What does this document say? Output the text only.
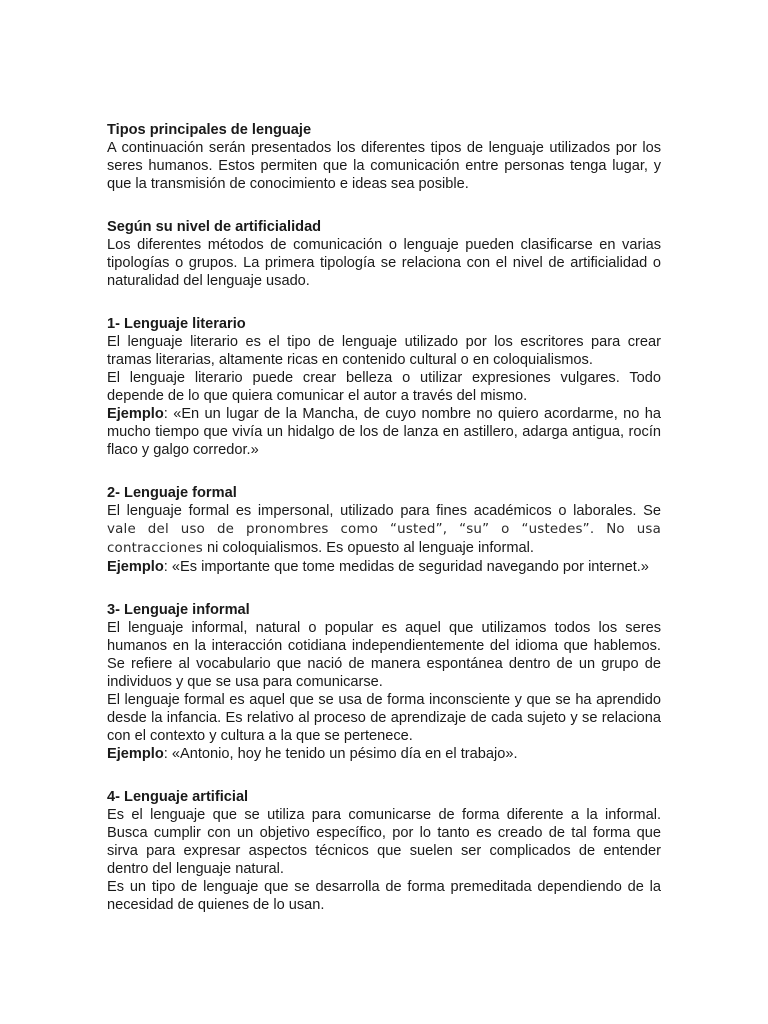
Tipos principales de lenguaje
A continuación serán presentados los diferentes tipos de lenguaje utilizados por los seres humanos. Estos permiten que la comunicación entre personas tenga lugar, y que la transmisión de conocimiento e ideas sea posible.
Según su nivel de artificialidad
Los diferentes métodos de comunicación o lenguaje pueden clasificarse en varias tipologías o grupos. La primera tipología se relaciona con el nivel de artificialidad o naturalidad del lenguaje usado.
1- Lenguaje literario
El lenguaje literario es el tipo de lenguaje utilizado por los escritores para crear tramas literarias, altamente ricas en contenido cultural o en coloquialismos.
El lenguaje literario puede crear belleza o utilizar expresiones vulgares. Todo depende de lo que quiera comunicar el autor a través del mismo.
Ejemplo: «En un lugar de la Mancha, de cuyo nombre no quiero acordarme, no ha mucho tiempo que vivía un hidalgo de los de lanza en astillero, adarga antigua, rocín flaco y galgo corredor.»
2- Lenguaje formal
El lenguaje formal es impersonal, utilizado para fines académicos o laborales. Se vale del uso de pronombres como “usted”, “su” o “ustedes”. No usa contracciones ni coloquialismos. Es opuesto al lenguaje informal.
Ejemplo: «Es importante que tome medidas de seguridad navegando por internet.»
3- Lenguaje informal
El lenguaje informal, natural o popular es aquel que utilizamos todos los seres humanos en la interacción cotidiana independientemente del idioma que hablemos. Se refiere al vocabulario que nació de manera espontánea dentro de un grupo de individuos y que se usa para comunicarse.
El lenguaje formal es aquel que se usa de forma inconsciente y que se ha aprendido desde la infancia. Es relativo al proceso de aprendizaje de cada sujeto y se relaciona con el contexto y cultura a la que se pertenece.
Ejemplo: «Antonio, hoy he tenido un pésimo día en el trabajo».
4- Lenguaje artificial
Es el lenguaje que se utiliza para comunicarse de forma diferente a la informal. Busca cumplir con un objetivo específico, por lo tanto es creado de tal forma que sirva para expresar aspectos técnicos que suelen ser complicados de entender dentro del lenguaje natural.
Es un tipo de lenguaje que se desarrolla de forma premeditada dependiendo de la necesidad de quienes de lo usan.
